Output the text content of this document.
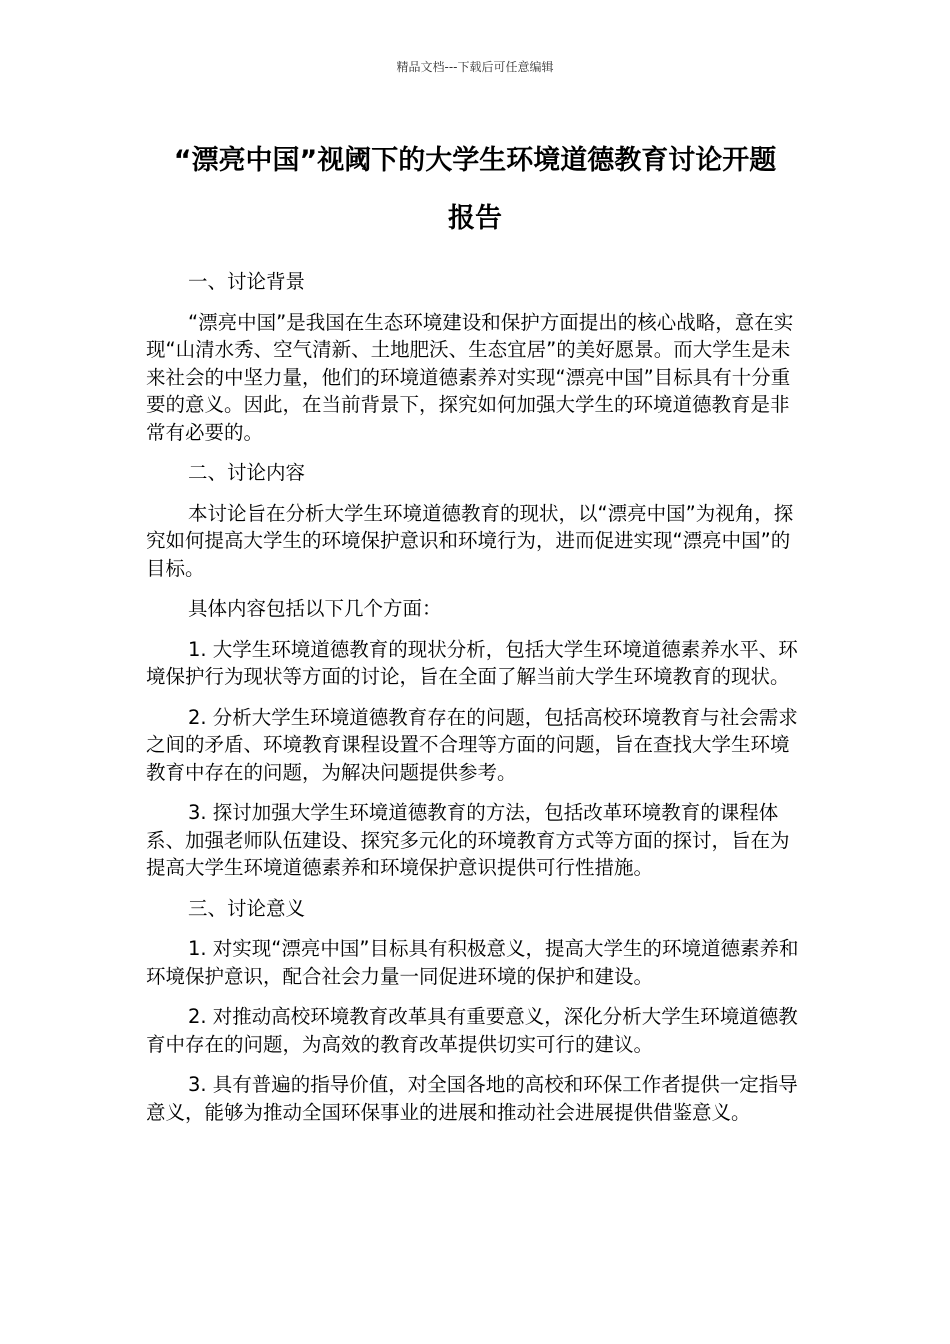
精品文档---下载后可任意编辑
“漂亮中国”视阈下的大学生环境道德教育讨论开题
报告

一、讨论背景

“漂亮中国”是我国在生态环境建设和保护方面提出的核心战略，意在实现“山清水秀、空气清新、土地肥沃、生态宜居”的美好愿景。而大学生是未来社会的中坚力量，他们的环境道德素养对实现“漂亮中国”目标具有十分重要的意义。因此，在当前背景下，探究如何加强大学生的环境道德教育是非常有必要的。

二、讨论内容

本讨论旨在分析大学生环境道德教育的现状，以“漂亮中国”为视角，探究如何提高大学生的环境保护意识和环境行为，进而促进实现“漂亮中国”的目标。

具体内容包括以下几个方面：

1. 大学生环境道德教育的现状分析，包括大学生环境道德素养水平、环境保护行为现状等方面的讨论，旨在全面了解当前大学生环境教育的现状。

2. 分析大学生环境道德教育存在的问题，包括高校环境教育与社会需求之间的矛盾、环境教育课程设置不合理等方面的问题，旨在查找大学生环境教育中存在的问题，为解决问题提供参考。

3. 探讨加强大学生环境道德教育的方法，包括改革环境教育的课程体系、加强老师队伍建设、探究多元化的环境教育方式等方面的探讨，旨在为提高大学生环境道德素养和环境保护意识提供可行性措施。

三、讨论意义

1. 对实现“漂亮中国”目标具有积极意义，提高大学生的环境道德素养和环境保护意识，配合社会力量一同促进环境的保护和建设。

2. 对推动高校环境教育改革具有重要意义，深化分析大学生环境道德教育中存在的问题，为高效的教育改革提供切实可行的建议。

3. 具有普遍的指导价值，对全国各地的高校和环保工作者提供一定指导意义，能够为推动全国环保事业的进展和推动社会进展提供借鉴意义。
